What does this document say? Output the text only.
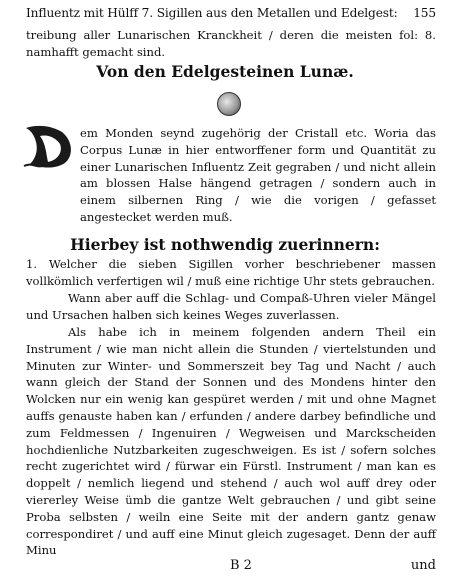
Influentz mit Hülff 7. Sigillen aus den Metallen und Edelgest: 155
treibung aller Lunarischen Kranckheit / deren die meisten fol: 8. namhafft gemacht sind.
Von den Edelgesteinen Lunæ.
D
em Monden seynd zugehörig der Cristall etc. Woria das Corpus Lunæ in hier entworffener form und Quantität zu einer Lunarischen Influentz Zeit gegraben / und nicht allein am blossen Halse hängend getragen / sondern auch in einem silbernen Ring / wie die vorigen / gefasset angestecket werden muß.
Hierbey ist nothwendig zuerinnern:
1. Welcher die sieben Sigillen vorher beschriebener massen vollkömlich verfertigen wil / muß eine richtige Uhr stets gebrauchen.
Wann aber auff die Schlag- und Compaß-Uhren vieler Mängel und Ursachen halben sich keines Weges zuverlassen.
Als habe ich in meinem folgenden andern Theil ein Instrument / wie man nicht allein die Stunden / viertelstunden und Minuten zur Winter- und Sommerszeit bey Tag und Nacht / auch wann gleich der Stand der Sonnen und des Mondens hinter den Wolcken nur ein wenig kan gespüret werden / mit und ohne Magnet auffs genauste haben kan / erfunden / andere darbey befindliche und zum Feldmessen / Ingenuiren / Wegweisen und Marckscheiden hochdienliche Nutzbarkeiten zugeschweigen. Es ist / sofern solches recht zugerichtet wird / fürwar ein Fürstl. Instrument / man kan es doppelt / nemlich liegend und stehend / auch wol auff drey oder viererley Weise ümb die gantze Welt gebrauchen / und gibt seine Proba selbsten / weiln eine Seite mit der andern gantz genaw correspondiret / und auff eine Minut gleich zugesaget. Denn der auff Minu
B 2	und
